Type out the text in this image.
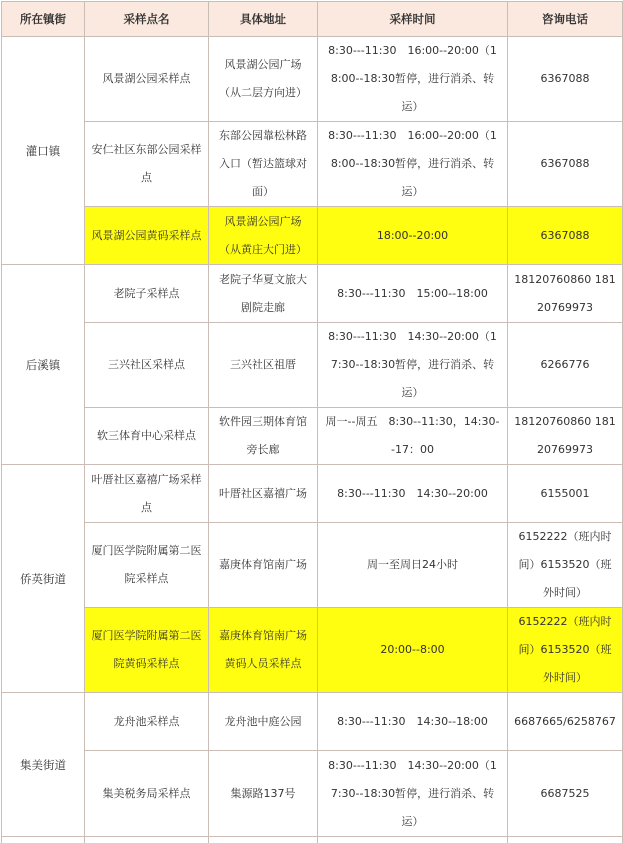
所在镇街	采样点名	具体地址	采样时间	咨询电话
灌口镇	风景湖公园采样点	风景湖公园广场（从二层方向进）	8:30---11:30　16:00--20:00（18:00--18:30暂停，进行消杀、转运）	6367088
	安仁社区东部公园采样点	东部公园靠松林路入口（暂达篮球对面）	8:30---11:30　16:00--20:00（18:00--18:30暂停，进行消杀、转运）	6367088
	风景湖公园黄码采样点	风景湖公园广场（从黄庄大门进）	18:00--20:00	6367088
后溪镇	老院子采样点	老院子华夏文旅大剧院走廊	8:30---11:30　15:00--18:00	18120760860 18120769973
	三兴社区采样点	三兴社区祖厝	8:30---11:30　14:30--20:00（17:30--18:30暂停，进行消杀、转运）	6266776
	软三体育中心采样点	软件园三期体育馆旁长廊	周一--周五　8:30--11:30，14:30--17：00	18120760860 18120769973
侨英街道	叶厝社区嘉禧广场采样点	叶厝社区嘉禧广场	8:30---11:30　14:30--20:00	6155001
	厦门医学院附属第二医院采样点	嘉庚体育馆南广场	周一至周日24小时	6152222（班内时间）6153520（班外时间）
	厦门医学院附属第二医院黄码采样点	嘉庚体育馆南广场黄码人员采样点	20:00--8:00	6152222（班内时间）6153520（班外时间）
集美街道	龙舟池采样点	龙舟池中庭公园	8:30---11:30　14:30--18:00	6687665/6258767
	集美税务局采样点	集源路137号	8:30---11:30　14:30--20:00（17:30--18:30暂停，进行消杀、转运）	6687525
